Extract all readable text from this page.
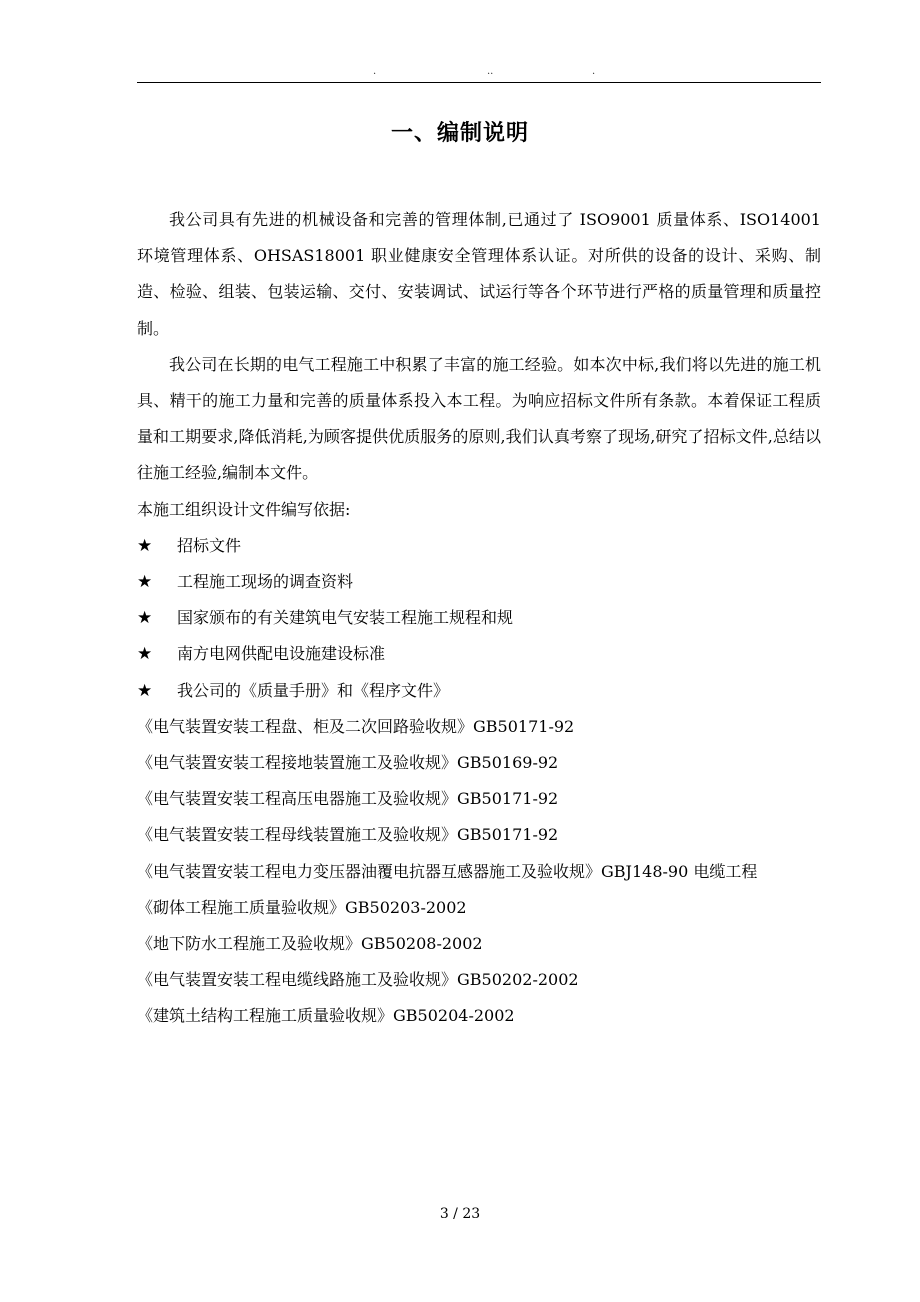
.	..	.
一、编制说明

我公司具有先进的机械设备和完善的管理体制,已通过了 ISO9001 质量体系、ISO14001 环境管理体系、OHSAS18001 职业健康安全管理体系认证。对所供的设备的设计、采购、制造、检验、组装、包装运输、交付、安装调试、试运行等各个环节进行严格的质量管理和质量控制。

我公司在长期的电气工程施工中积累了丰富的施工经验。如本次中标,我们将以先进的施工机具、精干的施工力量和完善的质量体系投入本工程。为响应招标文件所有条款。本着保证工程质量和工期要求,降低消耗,为顾客提供优质服务的原则,我们认真考察了现场,研究了招标文件,总结以往施工经验,编制本文件。

本施工组织设计文件编写依据:

★	招标文件
★	工程施工现场的调查资料
★	国家颁布的有关建筑电气安装工程施工规程和规
★	南方电网供配电设施建设标准
★	我公司的《质量手册》和《程序文件》

《电气装置安装工程盘、柜及二次回路验收规》GB50171-92

《电气装置安装工程接地装置施工及验收规》GB50169-92

《电气装置安装工程高压电器施工及验收规》GB50171-92

《电气装置安装工程母线装置施工及验收规》GB50171-92

《电气装置安装工程电力变压器油覆电抗器互感器施工及验收规》GBJ148-90 电缆工程

《砌体工程施工质量验收规》GB50203-2002

《地下防水工程施工及验收规》GB50208-2002

《电气装置安装工程电缆线路施工及验收规》GB50202-2002

《建筑土结构工程施工质量验收规》GB50204-2002

3 / 23
